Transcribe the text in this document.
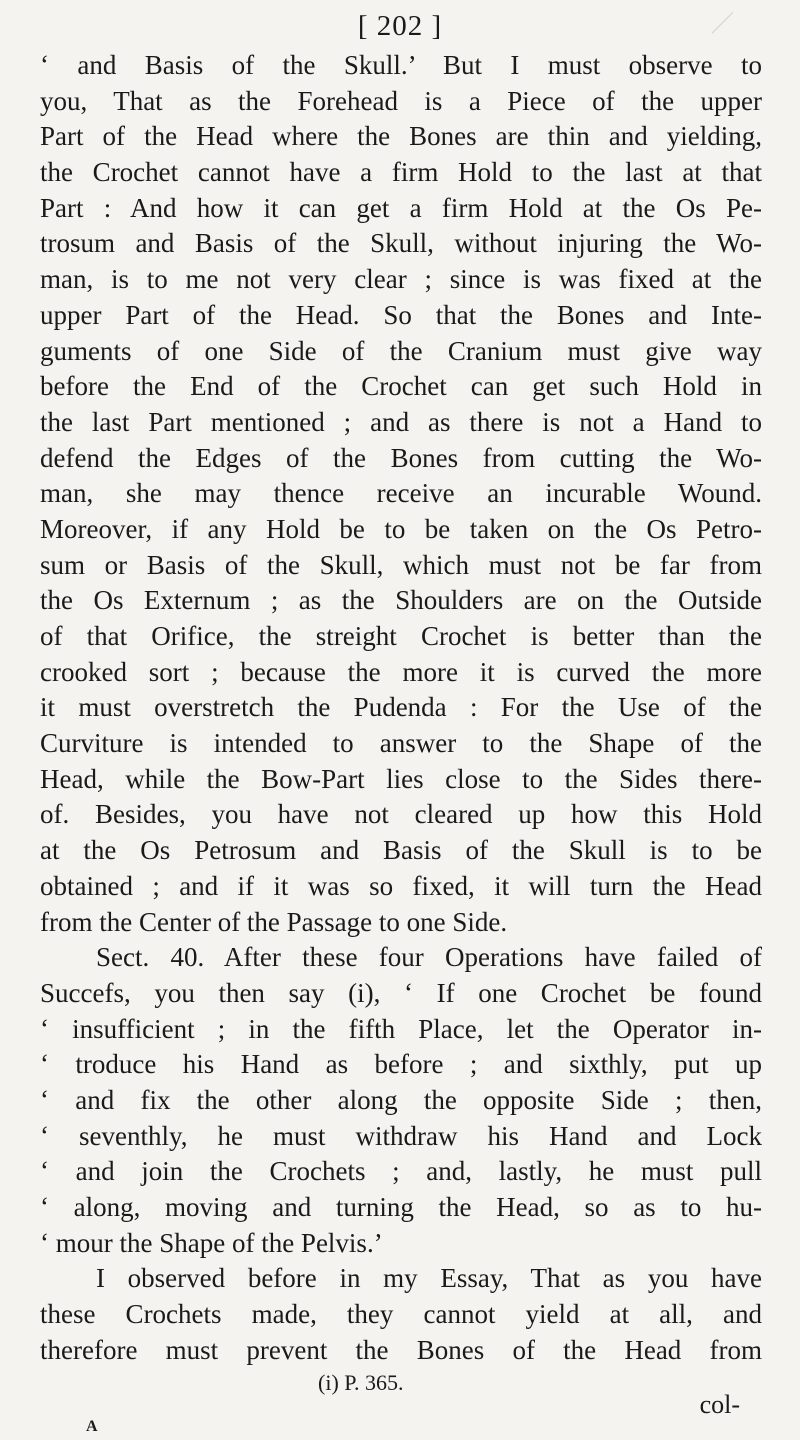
[ 202 ]
‘ and Basis of the Skull.’ But I must observe to
you, That as the Forehead is a Piece of the upper
Part of the Head where the Bones are thin and yielding,
the Crochet cannot have a firm Hold to the last at that
Part : And how it can get a firm Hold at the Os Pe-
trosum and Basis of the Skull, without injuring the Wo-
man, is to me not very clear ; since is was fixed at the
upper Part of the Head. So that the Bones and Inte-
guments of one Side of the Cranium must give way
before the End of the Crochet can get such Hold in
the last Part mentioned ; and as there is not a Hand to
defend the Edges of the Bones from cutting the Wo-
man, she may thence receive an incurable Wound.
Moreover, if any Hold be to be taken on the Os Petro-
sum or Basis of the Skull, which must not be far from
the Os Externum ; as the Shoulders are on the Outside
of that Orifice, the streight Crochet is better than the
crooked sort ; because the more it is curved the more
it must overstretch the Pudenda : For the Use of the
Curviture is intended to answer to the Shape of the
Head, while the Bow-Part lies close to the Sides there-
of. Besides, you have not cleared up how this Hold
at the Os Petrosum and Basis of the Skull is to be
obtained ; and if it was so fixed, it will turn the Head
from the Center of the Passage to one Side.
Sect. 40. After these four Operations have failed of
Succefs, you then say (i), ‘ If one Crochet be found
‘ insufficient ; in the fifth Place, let the Operator in-
‘ troduce his Hand as before ; and sixthly, put up
‘ and fix the other along the opposite Side ; then,
‘ seventhly, he must withdraw his Hand and Lock
‘ and join the Crochets ; and, lastly, he must pull
‘ along, moving and turning the Head, so as to hu-
‘ mour the Shape of the Pelvis.’
I observed before in my Essay, That as you have
these Crochets made, they cannot yield at all, and
therefore must prevent the Bones of the Head from
(i) P. 365.
col-
A
